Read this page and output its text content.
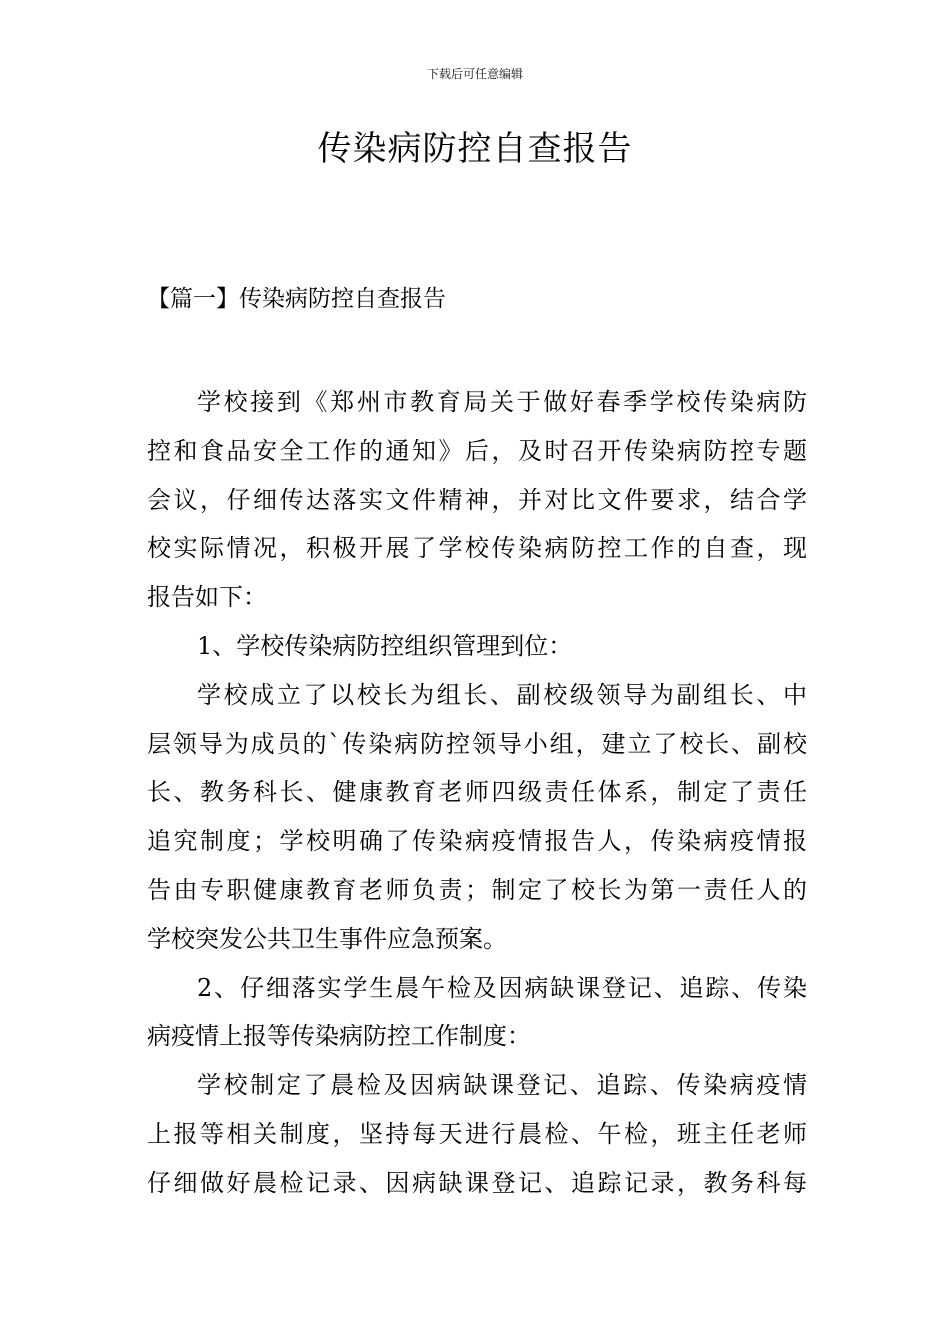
下载后可任意编辑
传染病防控自查报告
【篇一】传染病防控自查报告
学校接到《郑州市教育局关于做好春季学校传染病防
控和食品安全工作的通知》后，及时召开传染病防控专题
会议，仔细传达落实文件精神，并对比文件要求，结合学
校实际情况，积极开展了学校传染病防控工作的自查，现
报告如下：
1、学校传染病防控组织管理到位：
学校成立了以校长为组长、副校级领导为副组长、中
层领导为成员的`传染病防控领导小组，建立了校长、副校
长、教务科长、健康教育老师四级责任体系，制定了责任
追究制度；学校明确了传染病疫情报告人，传染病疫情报
告由专职健康教育老师负责；制定了校长为第一责任人的
学校突发公共卫生事件应急预案。
2、仔细落实学生晨午检及因病缺课登记、追踪、传染
病疫情上报等传染病防控工作制度：
学校制定了晨检及因病缺课登记、追踪、传染病疫情
上报等相关制度，坚持每天进行晨检、午检，班主任老师
仔细做好晨检记录、因病缺课登记、追踪记录，教务科每
